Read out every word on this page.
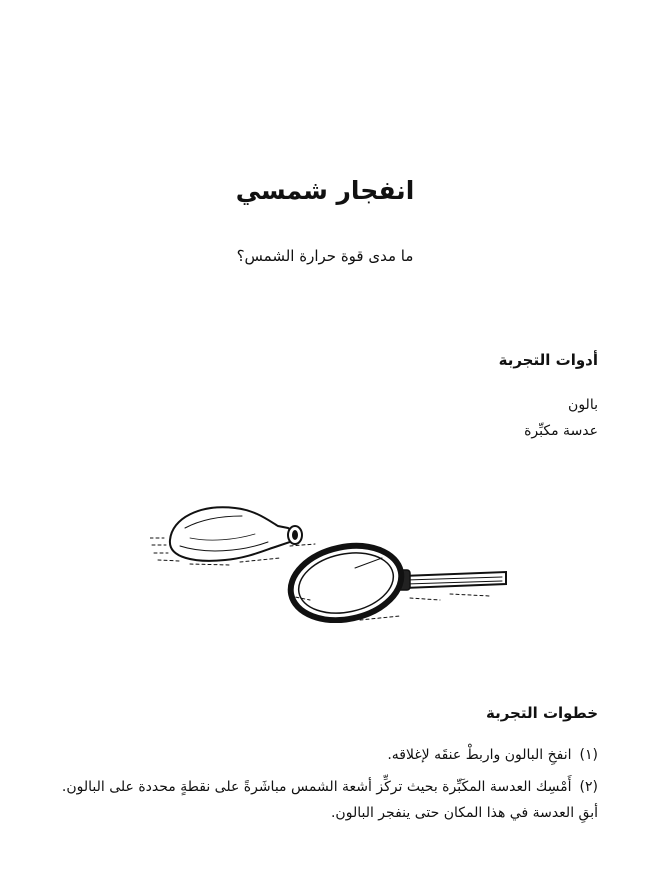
انفجار شمسي
ما مدى قوة حرارة الشمس؟
أدوات التجربة
بالون
عدسة مكبِّرة
خطوات التجربة
(١)انفخِ البالون واربطْ عنقَه لإغلاقه.
(٢)أَمْسِك العدسة المكَبِّرة بحيث تركِّز أشعة الشمس مباشَرةً على نقطةٍ محددة على البالون. أبقِ العدسة في هذا المكان حتى ينفجر البالون.
